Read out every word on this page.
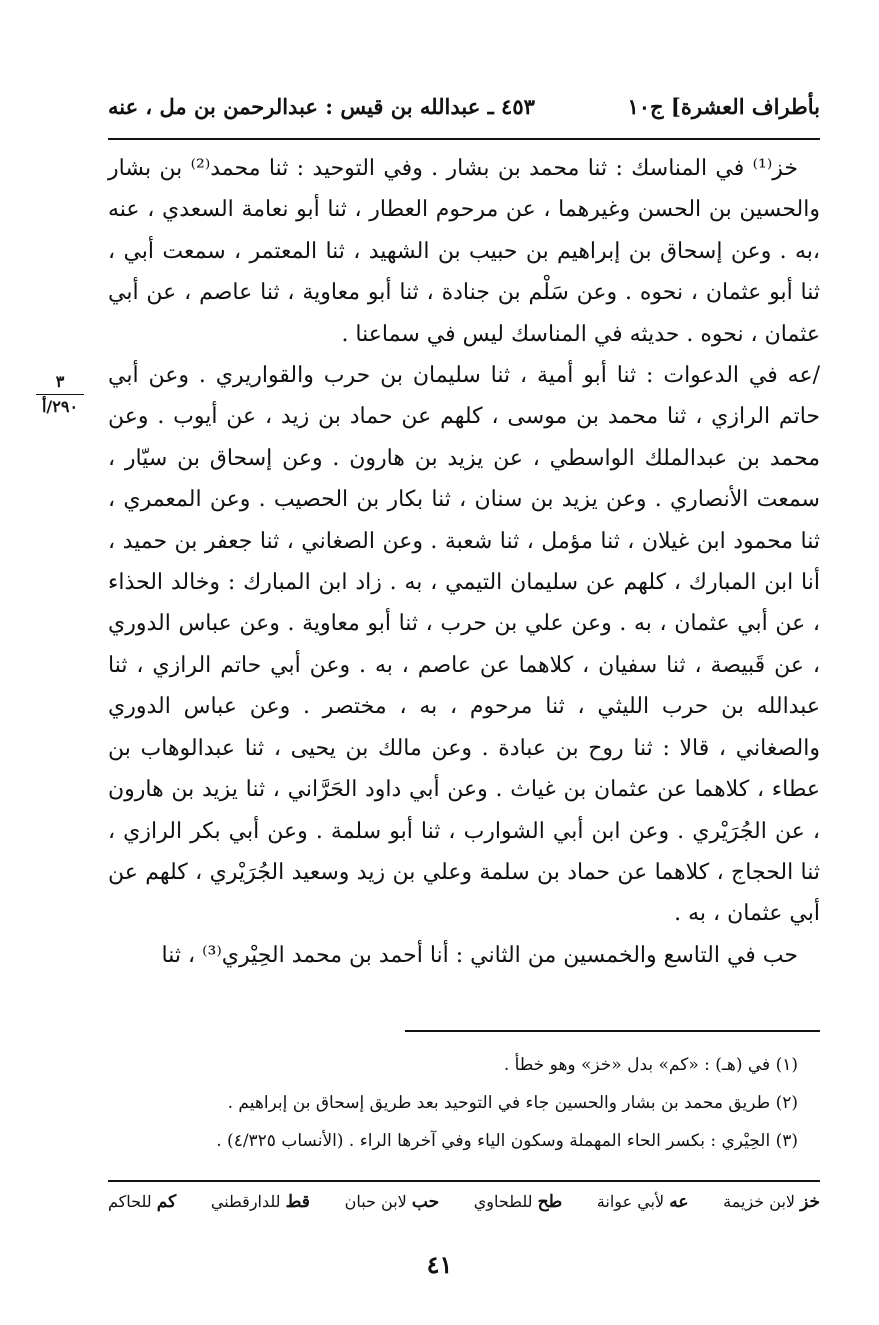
بأطراف العشرة] ج١٠
٤٥٣ ـ عبدالله بن قيس : عبدالرحمن بن مل ، عنه
٣
٢٩٠/أ

خز⁽¹⁾ في المناسك : ثنا محمد بن بشار . وفي التوحيد : ثنا محمد⁽²⁾ بن بشار والحسين بن الحسن وغيرهما ، عن مرحوم العطار ، ثنا أبو نعامة السعدي ، عنه ،به . وعن إسحاق بن إبراهيم بن حبيب بن الشهيد ، ثنا المعتمر ، سمعت أبي ، ثنا أبو عثمان ، نحوه . وعن سَلْم بن جنادة ، ثنا أبو معاوية ، ثنا عاصم ، عن أبي عثمان ، نحوه . حديثه في المناسك ليس في سماعنا .

/عه في الدعوات : ثنا أبو أمية ، ثنا سليمان بن حرب والقواريري . وعن أبي حاتم الرازي ، ثنا محمد بن موسى ، كلهم عن حماد بن زيد ، عن أيوب . وعن محمد بن عبدالملك الواسطي ، عن يزيد بن هارون . وعن إسحاق بن سيّار ، سمعت الأنصاري . وعن يزيد بن سنان ، ثنا بكار بن الحصيب . وعن المعمري ، ثنا محمود ابن غيلان ، ثنا مؤمل ، ثنا شعبة . وعن الصغاني ، ثنا جعفر بن حميد ، أنا ابن المبارك ، كلهم عن سليمان التيمي ، به . زاد ابن المبارك : وخالد الحذاء ، عن أبي عثمان ، به . وعن علي بن حرب ، ثنا أبو معاوية . وعن عباس الدوري ، عن قَبيصة ، ثنا سفيان ، كلاهما عن عاصم ، به . وعن أبي حاتم الرازي ، ثنا عبدالله بن حرب الليثي ، ثنا مرحوم ، به ، مختصر . وعن عباس الدوري والصغاني ، قالا : ثنا روح بن عبادة . وعن مالك بن يحيى ، ثنا عبدالوهاب بن عطاء ، كلاهما عن عثمان بن غياث . وعن أبي داود الحَرَّاني ، ثنا يزيد بن هارون ، عن الجُرَيْري . وعن ابن أبي الشوارب ، ثنا أبو سلمة . وعن أبي بكر الرازي ، ثنا الحجاج ، كلاهما عن حماد بن سلمة وعلي بن زيد وسعيد الجُرَيْري ، كلهم عن أبي عثمان ، به .

حب في التاسع والخمسين من الثاني : أنا أحمد بن محمد الحِيْري⁽³⁾ ، ثنا

(١) في (هـ) : «كم» بدل «خز» وهو خطأ .
(٢) طريق محمد بن بشار والحسين جاء في التوحيد بعد طريق إسحاق بن إبراهيم .
(٣) الحِيْري : بكسر الحاء المهملة وسكون الياء وفي آخرها الراء . (الأنساب ٤/٣٢٥) .
خز لابن خزيمة
عه لأبي عوانة
طح للطحاوي
حب لابن حبان
قط للدارقطني
كم للحاكم
٤١
